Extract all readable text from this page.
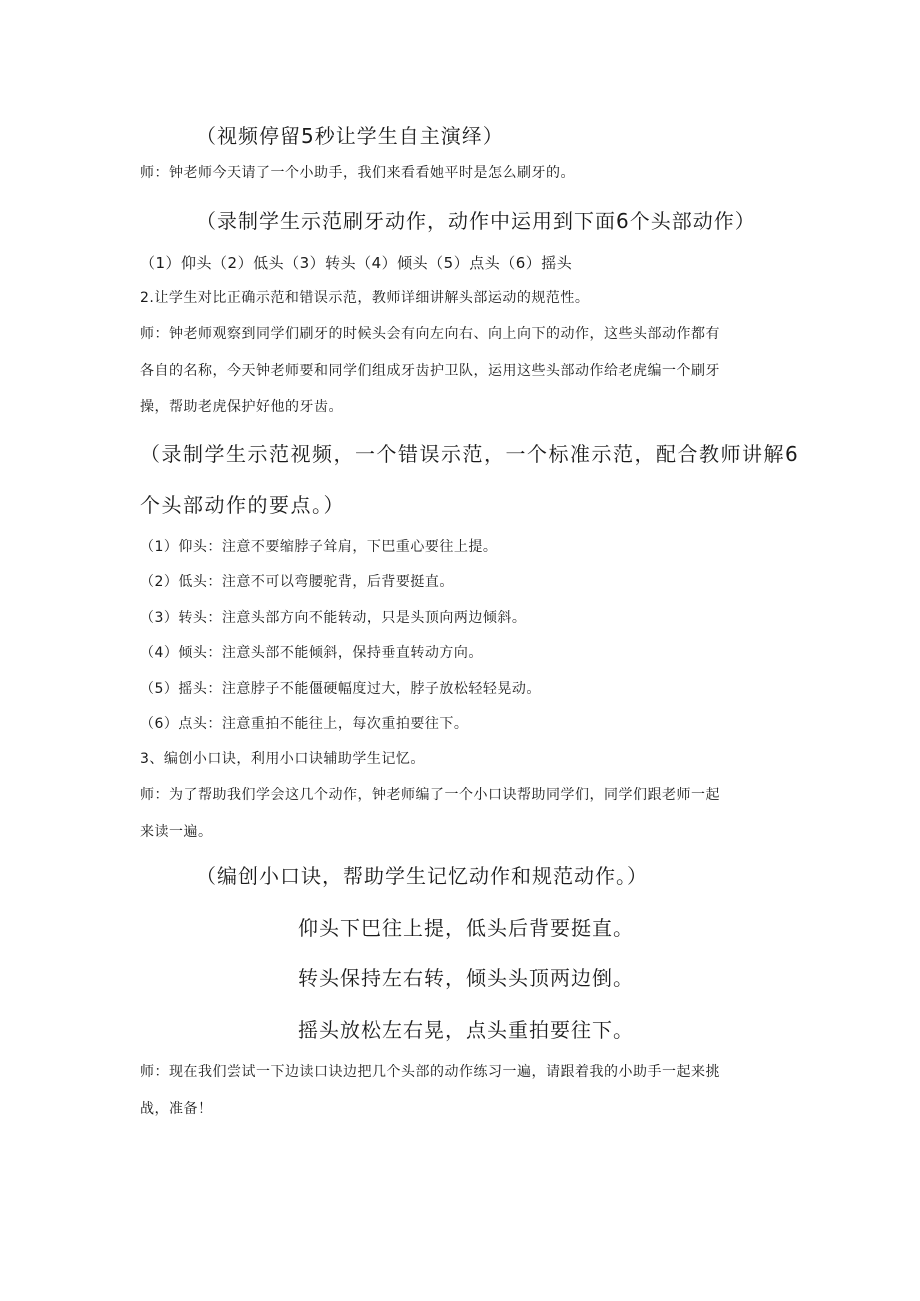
（视频停留5秒让学生自主演绎）
师：钟老师今天请了一个小助手，我们来看看她平时是怎么刷牙的。
（录制学生示范刷牙动作，动作中运用到下面6个头部动作）
（1）仰头（2）低头（3）转头（4）倾头（5）点头（6）摇头
2.让学生对比正确示范和错误示范，教师详细讲解头部运动的规范性。
师：钟老师观察到同学们刷牙的时候头会有向左向右、向上向下的动作，这些头部动作都有
各自的名称，今天钟老师要和同学们组成牙齿护卫队，运用这些头部动作给老虎编一个刷牙
操，帮助老虎保护好他的牙齿。
（录制学生示范视频，一个错误示范，一个标准示范，配合教师讲解6
个头部动作的要点。）
（1）仰头：注意不要缩脖子耸肩，下巴重心要往上提。
（2）低头：注意不可以弯腰驼背，后背要挺直。
（3）转头：注意头部方向不能转动，只是头顶向两边倾斜。
（4）倾头：注意头部不能倾斜，保持垂直转动方向。
（5）摇头：注意脖子不能僵硬幅度过大，脖子放松轻轻晃动。
（6）点头：注意重拍不能往上，每次重拍要往下。
3、编创小口诀，利用小口诀辅助学生记忆。
师：为了帮助我们学会这几个动作，钟老师编了一个小口诀帮助同学们，同学们跟老师一起
来读一遍。
（编创小口诀，帮助学生记忆动作和规范动作。）
仰头下巴往上提，低头后背要挺直。
转头保持左右转，倾头头顶两边倒。
摇头放松左右晃，点头重拍要往下。
师：现在我们尝试一下边读口诀边把几个头部的动作练习一遍，请跟着我的小助手一起来挑
战，准备！
